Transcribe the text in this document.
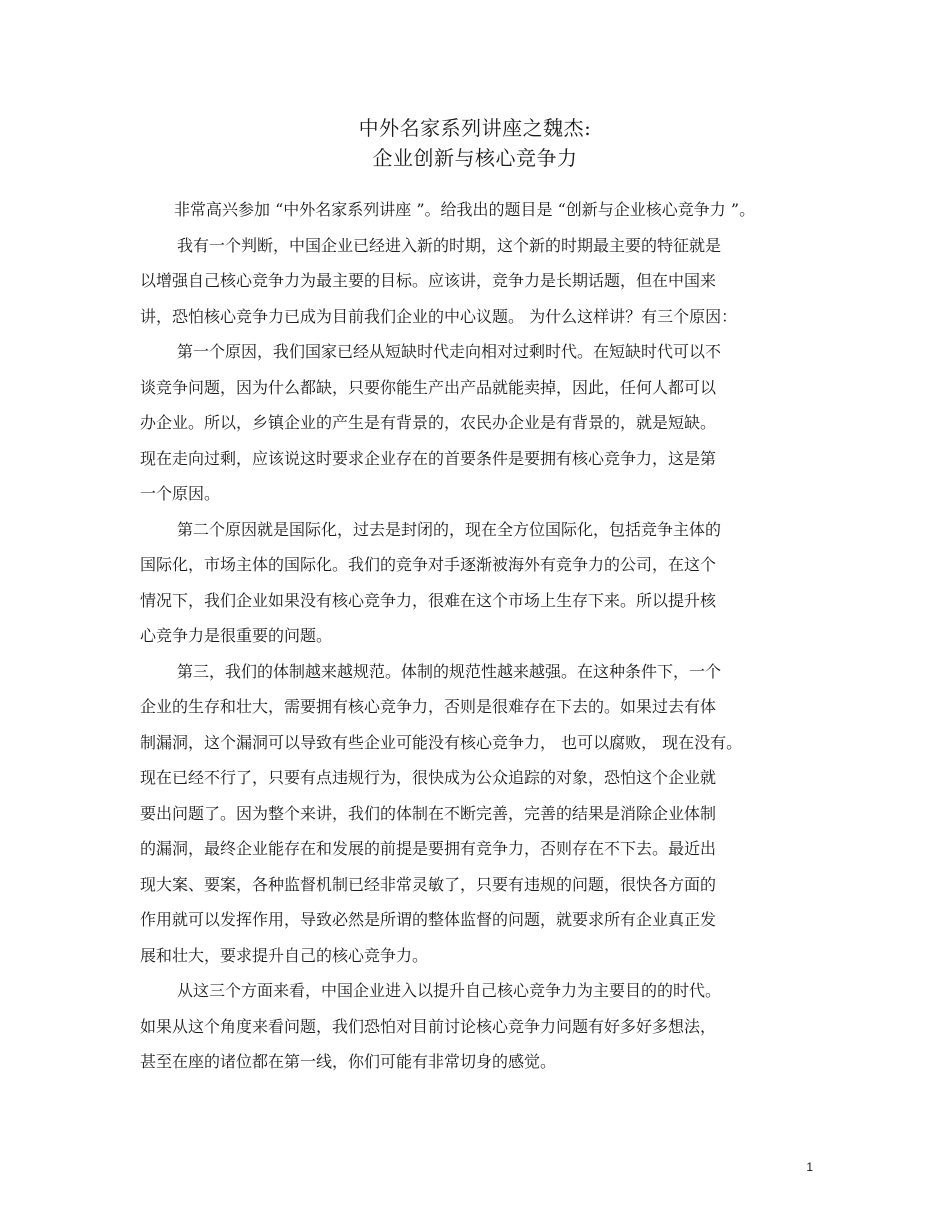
中外名家系列讲座之魏杰:

企业创新与核心竞争力

非常高兴参加 “中外名家系列讲座 ”。给我出的题目是 “创新与企业核心竞争力 ”。

我有一个判断，中国企业已经进入新的时期，这个新的时期最主要的特征就是

以增强自己核心竞争力为最主要的目标。应该讲，竞争力是长期话题，但在中国来

讲，恐怕核心竞争力已成为目前我们企业的中心议题。 为什么这样讲？有三个原因：

第一个原因，我们国家已经从短缺时代走向相对过剩时代。在短缺时代可以不

谈竞争问题，因为什么都缺，只要你能生产出产品就能卖掉，因此，任何人都可以

办企业。所以，乡镇企业的产生是有背景的，农民办企业是有背景的，就是短缺。

现在走向过剩，应该说这时要求企业存在的首要条件是要拥有核心竞争力，这是第

一个原因。

第二个原因就是国际化，过去是封闭的，现在全方位国际化，包括竞争主体的

国际化，市场主体的国际化。我们的竞争对手逐渐被海外有竞争力的公司，在这个

情况下，我们企业如果没有核心竞争力，很难在这个市场上生存下来。所以提升核

心竞争力是很重要的问题。

第三，我们的体制越来越规范。体制的规范性越来越强。在这种条件下，一个

企业的生存和壮大，需要拥有核心竞争力，否则是很难存在下去的。如果过去有体

制漏洞，这个漏洞可以导致有些企业可能没有核心竞争力， 也可以腐败， 现在没有。

现在已经不行了，只要有点违规行为，很快成为公众追踪的对象，恐怕这个企业就

要出问题了。因为整个来讲，我们的体制在不断完善，完善的结果是消除企业体制

的漏洞，最终企业能存在和发展的前提是要拥有竞争力，否则存在不下去。最近出

现大案、要案，各种监督机制已经非常灵敏了，只要有违规的问题，很快各方面的

作用就可以发挥作用，导致必然是所谓的整体监督的问题，就要求所有企业真正发

展和壮大，要求提升自己的核心竞争力。

从这三个方面来看，中国企业进入以提升自己核心竞争力为主要目的的时代。

如果从这个角度来看问题，我们恐怕对目前讨论核心竞争力问题有好多好多想法，

甚至在座的诸位都在第一线，你们可能有非常切身的感觉。

1
